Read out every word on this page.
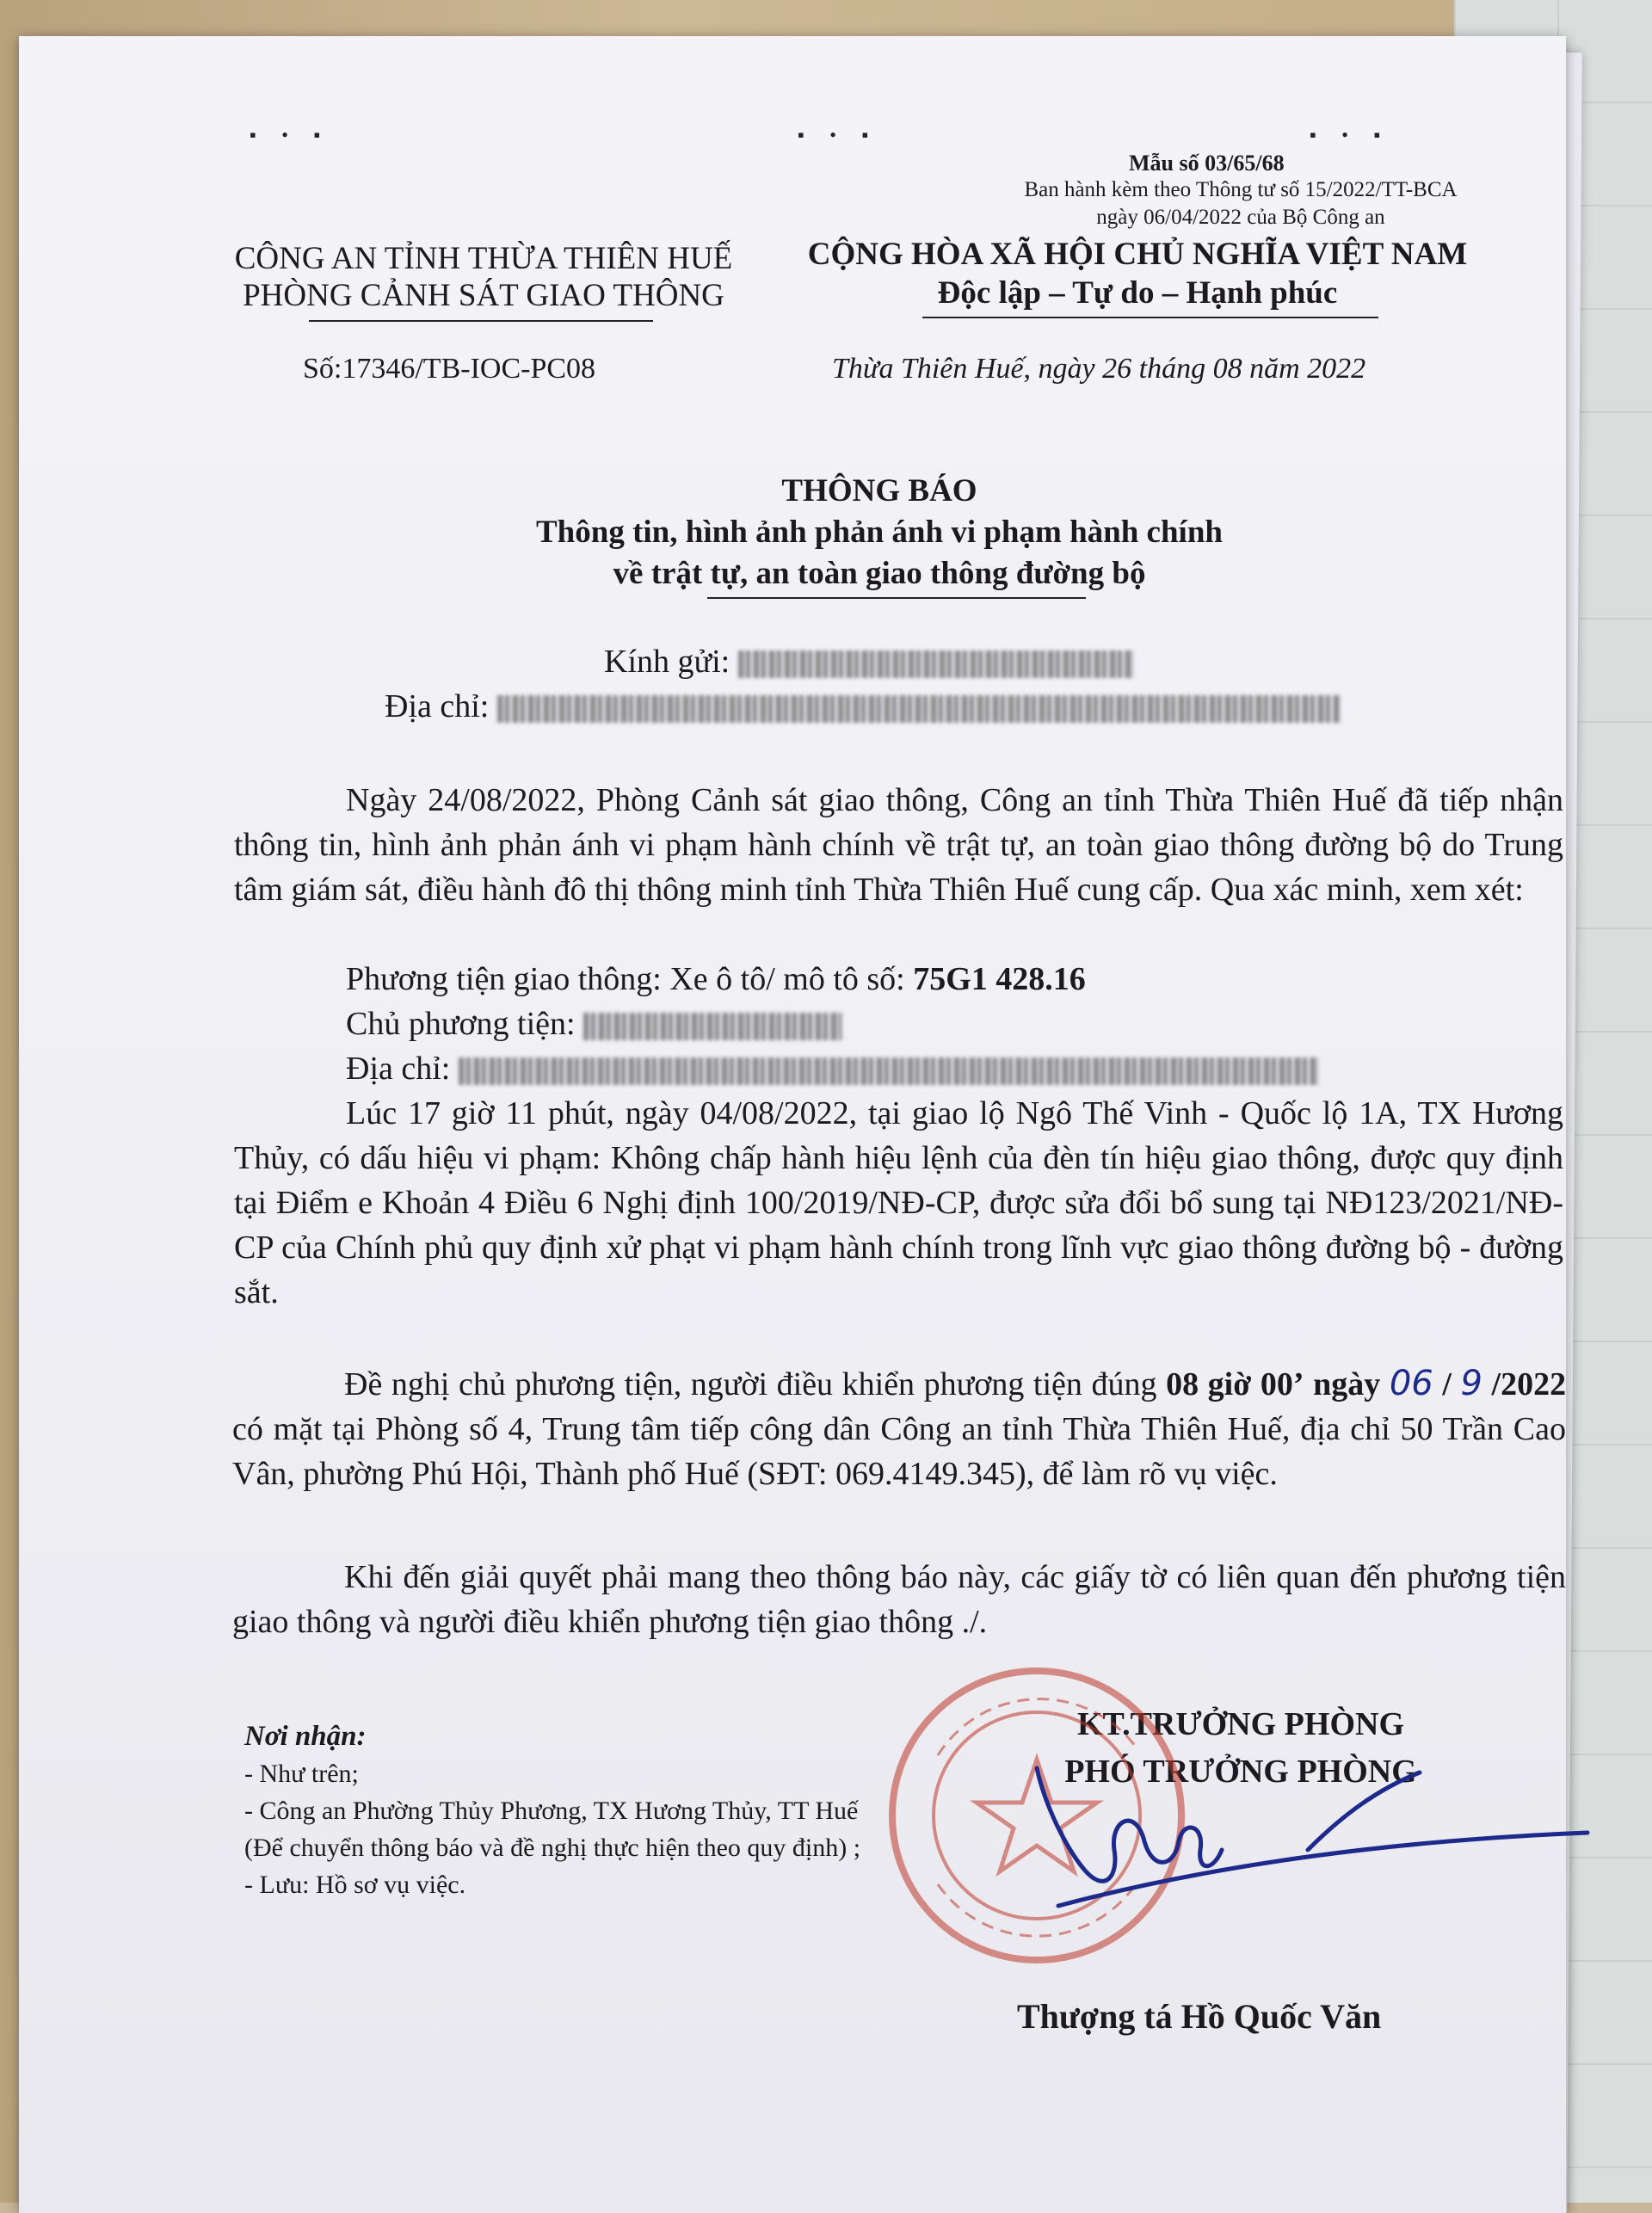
▪ • ▪	▪ • ▪	▪ • ▪
Mẫu số 03/65/68
Ban hành kèm theo Thông tư số 15/2022/TT-BCA
ngày 06/04/2022 của Bộ Công an
CÔNG AN TỈNH THỪA THIÊN HUẾ
PHÒNG CẢNH SÁT GIAO THÔNG
CỘNG HÒA XÃ HỘI CHỦ NGHĨA VIỆT NAM
Độc lập – Tự do – Hạnh phúc
Số:17346/TB-IOC-PC08	Thừa Thiên Huế, ngày 26 tháng 08 năm 2022
THÔNG BÁO
Thông tin, hình ảnh phản ánh vi phạm hành chính
về trật tự, an toàn giao thông đường bộ
Kính gửi:
Địa chỉ:
Ngày 24/08/2022, Phòng Cảnh sát giao thông, Công an tỉnh Thừa Thiên Huế đã tiếp nhận thông tin, hình ảnh phản ánh vi phạm hành chính về trật tự, an toàn giao thông đường bộ do Trung tâm giám sát, điều hành đô thị thông minh tỉnh Thừa Thiên Huế cung cấp. Qua xác minh, xem xét:
Phương tiện giao thông: Xe ô tô/ mô tô số: 75G1 428.16
Chủ phương tiện:
Địa chỉ:
Lúc 17 giờ 11 phút, ngày 04/08/2022, tại giao lộ Ngô Thế Vinh - Quốc lộ 1A, TX Hương Thủy, có dấu hiệu vi phạm: Không chấp hành hiệu lệnh của đèn tín hiệu giao thông, được quy định tại Điểm e Khoản 4 Điều 6 Nghị định 100/2019/NĐ-CP, được sửa đổi bổ sung tại NĐ123/2021/NĐ-CP của Chính phủ quy định xử phạt vi phạm hành chính trong lĩnh vực giao thông đường bộ - đường sắt.
Đề nghị chủ phương tiện, người điều khiển phương tiện đúng 08 giờ 00’ ngày 06 / 9 /2022 có mặt tại Phòng số 4, Trung tâm tiếp công dân Công an tỉnh Thừa Thiên Huế, địa chỉ 50 Trần Cao Vân, phường Phú Hội, Thành phố Huế (SĐT: 069.4149.345), để làm rõ vụ việc.
Khi đến giải quyết phải mang theo thông báo này, các giấy tờ có liên quan đến phương tiện giao thông và người điều khiển phương tiện giao thông ./.
Nơi nhận:
- Như trên;
- Công an Phường Thủy Phương, TX Hương Thủy, TT Huế (Để chuyển thông báo và đề nghị thực hiện theo quy định) ;
- Lưu: Hồ sơ vụ việc.
KT.TRƯỞNG PHÒNG
PHÓ TRƯỞNG PHÒNG
Thượng tá Hồ Quốc Văn
